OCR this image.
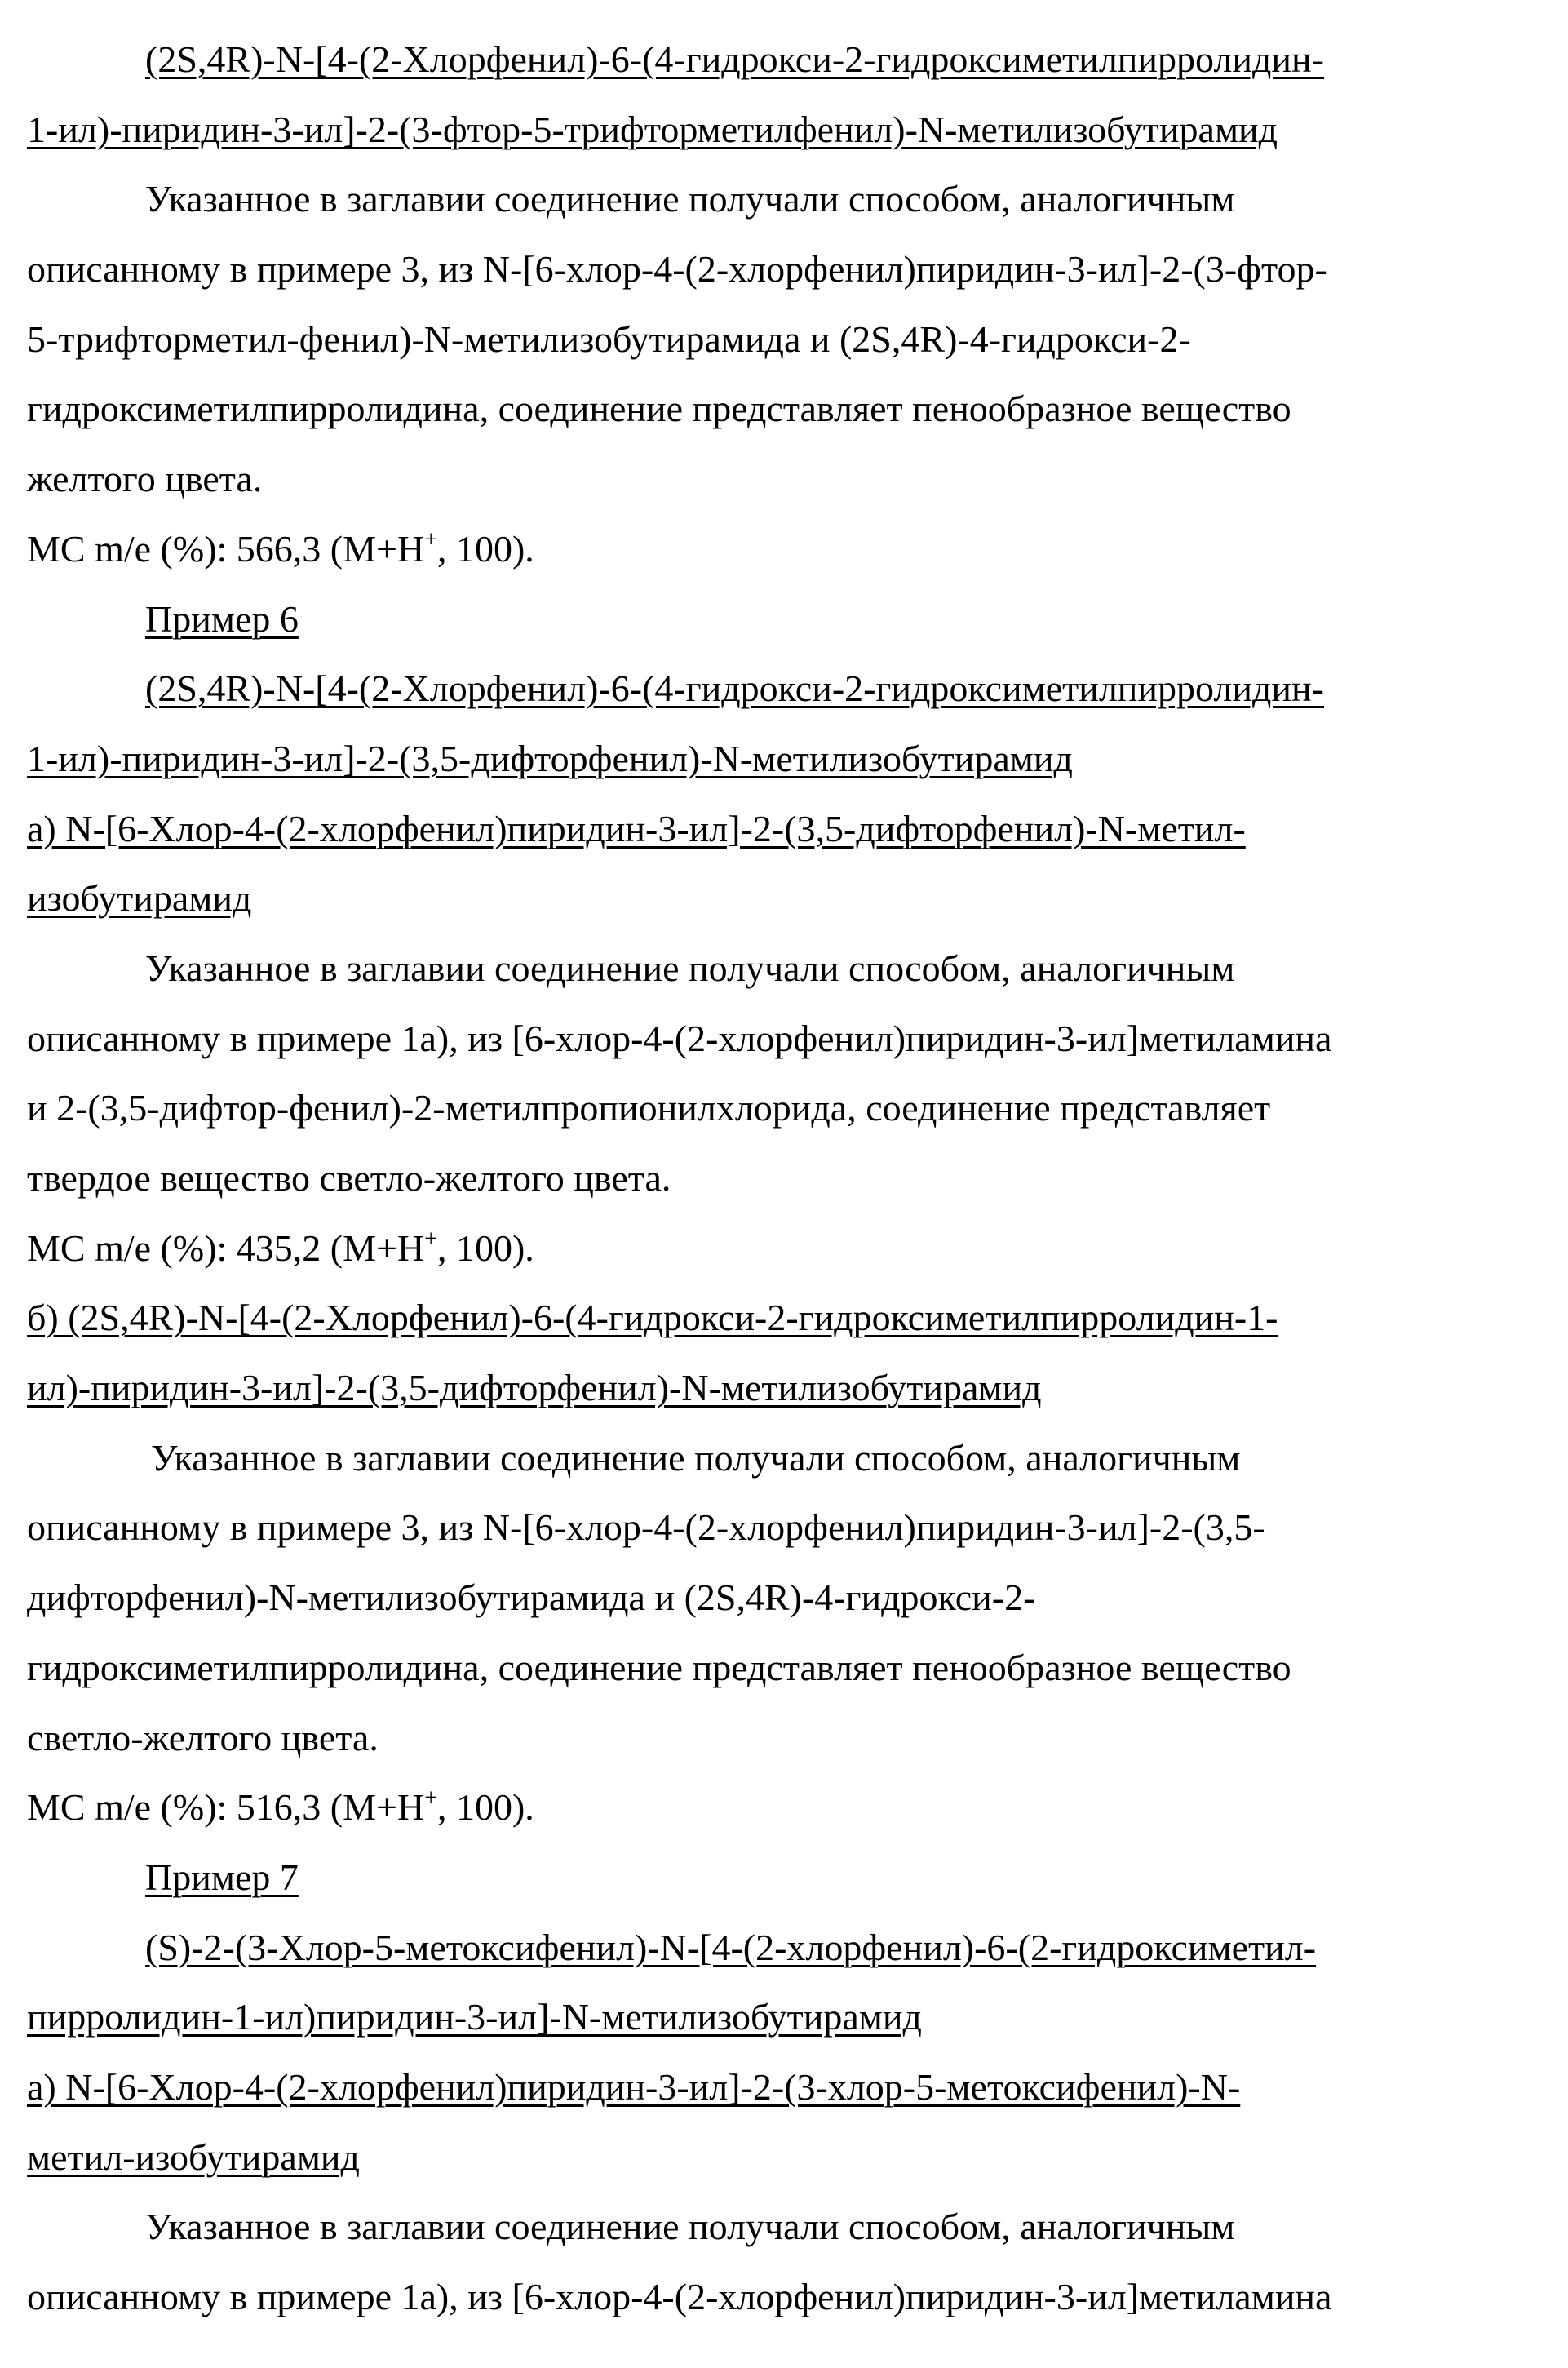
(2S,4R)-N-[4-(2-Хлорфенил)-6-(4-гидрокси-2-гидроксиметилпирролидин-
1-ил)-пиридин-3-ил]-2-(3-фтор-5-трифторметилфенил)-N-метилизобутирамид
Указанное в заглавии соединение получали способом, аналогичным
описанному в примере 3, из N-[6-хлор-4-(2-хлорфенил)пиридин-3-ил]-2-(3-фтор-
5-трифторметил-фенил)-N-метилизобутирамида и (2S,4R)-4-гидрокси-2-
гидроксиметилпирролидина, соединение представляет пенообразное вещество
желтого цвета.
МС m/e (%): 566,3 (M+H+, 100).
Пример 6
(2S,4R)-N-[4-(2-Хлорфенил)-6-(4-гидрокси-2-гидроксиметилпирролидин-
1-ил)-пиридин-3-ил]-2-(3,5-дифторфенил)-N-метилизобутирамид
а) N-[6-Хлор-4-(2-хлорфенил)пиридин-3-ил]-2-(3,5-дифторфенил)-N-метил-
изобутирамид
Указанное в заглавии соединение получали способом, аналогичным
описанному в примере 1а), из [6-хлор-4-(2-хлорфенил)пиридин-3-ил]метиламина
и 2-(3,5-дифтор-фенил)-2-метилпропионилхлорида, соединение представляет
твердое вещество светло-желтого цвета.
МС m/e (%): 435,2 (M+H+, 100).
б) (2S,4R)-N-[4-(2-Хлорфенил)-6-(4-гидрокси-2-гидроксиметилпирролидин-1-
ил)-пиридин-3-ил]-2-(3,5-дифторфенил)-N-метилизобутирамид
Указанное в заглавии соединение получали способом, аналогичным
описанному в примере 3, из N-[6-хлор-4-(2-хлорфенил)пиридин-3-ил]-2-(3,5-
дифторфенил)-N-метилизобутирамида и (2S,4R)-4-гидрокси-2-
гидроксиметилпирролидина, соединение представляет пенообразное вещество
светло-желтого цвета.
МС m/e (%): 516,3 (M+H+, 100).
Пример 7
(S)-2-(3-Хлор-5-метоксифенил)-N-[4-(2-хлорфенил)-6-(2-гидроксиметил-
пирролидин-1-ил)пиридин-3-ил]-N-метилизобутирамид
а) N-[6-Хлор-4-(2-хлорфенил)пиридин-3-ил]-2-(3-хлор-5-метоксифенил)-N-
метил-изобутирамид
Указанное в заглавии соединение получали способом, аналогичным
описанному в примере 1а), из [6-хлор-4-(2-хлорфенил)пиридин-3-ил]метиламина
